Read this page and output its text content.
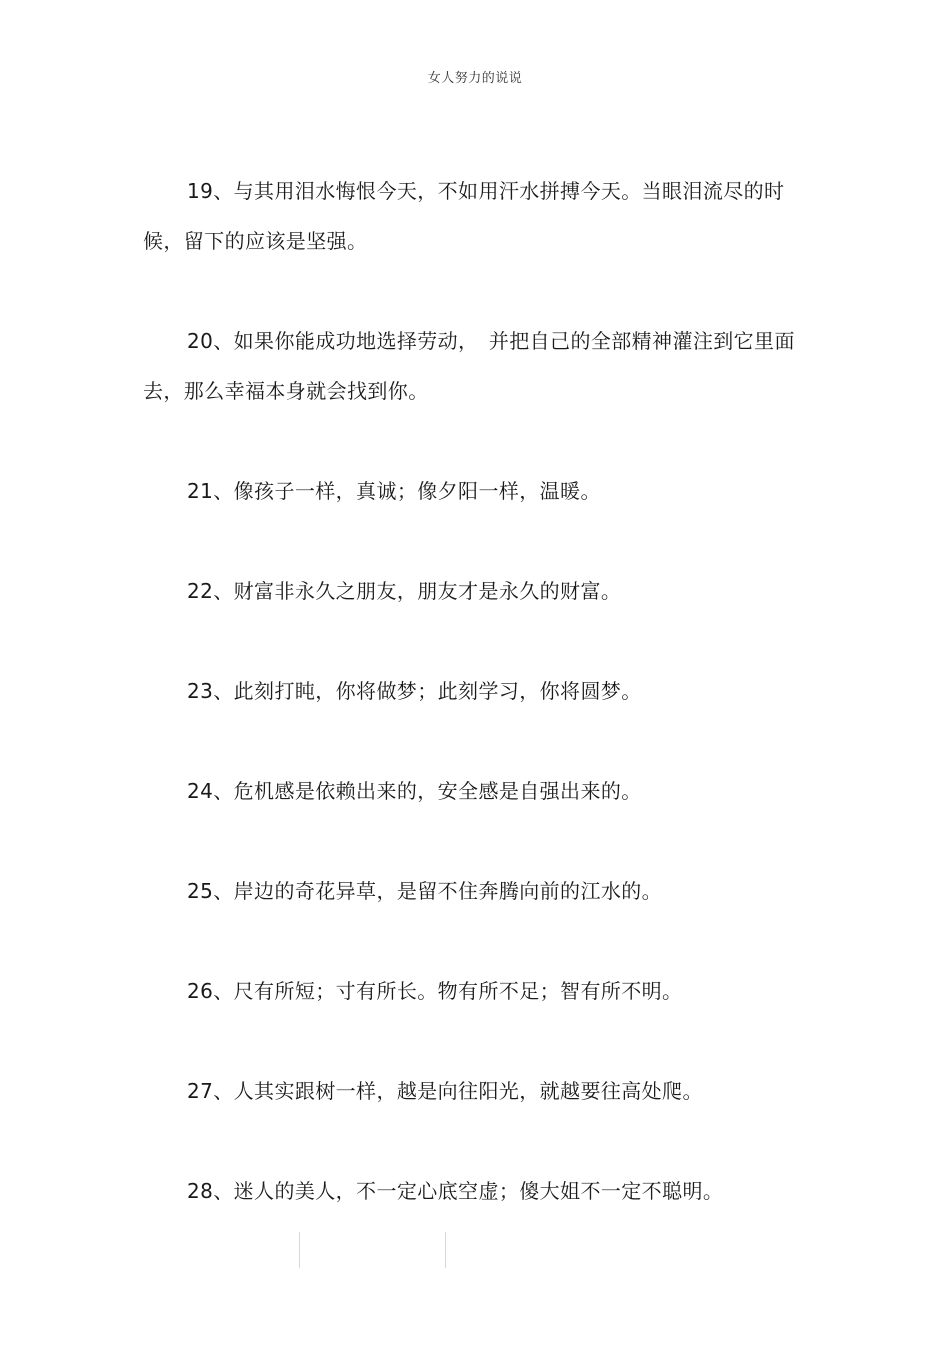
女人努力的说说

19、与其用泪水悔恨今天，不如用汗水拼搏今天。当眼泪流尽的时候，留下的应该是坚强。

20、如果你能成功地选择劳动，　并把自己的全部精神灌注到它里面去，那么幸福本身就会找到你。

21、像孩子一样，真诚；像夕阳一样，温暖。

22、财富非永久之朋友，朋友才是永久的财富。

23、此刻打盹，你将做梦；此刻学习，你将圆梦。

24、危机感是依赖出来的，安全感是自强出来的。

25、岸边的奇花异草，是留不住奔腾向前的江水的。

26、尺有所短；寸有所长。物有所不足；智有所不明。

27、人其实跟树一样，越是向往阳光，就越要往高处爬。

28、迷人的美人，不一定心底空虚；傻大姐不一定不聪明。
